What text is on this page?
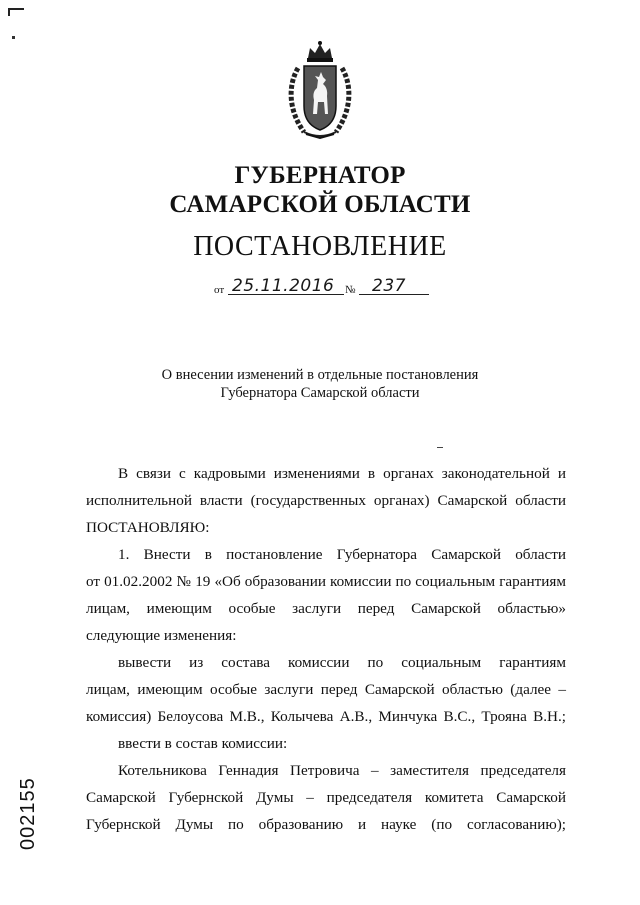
ГУБЕРНАТОР
САМАРСКОЙ ОБЛАСТИ
ПОСТАНОВЛЕНИЕ
от 25.11.2016 № 237
О внесении изменений в отдельные постановления
Губернатора Самарской области
В связи с кадровыми изменениями в органах законодательной и
исполнительной власти (государственных органах) Самарской области
ПОСТАНОВЛЯЮ:
1. Внести в постановление Губернатора Самарской области
от 01.02.2002 № 19 «Об образовании комиссии по социальным гарантиям
лицам, имеющим особые заслуги перед Самарской областью»
следующие изменения:
вывести из состава комиссии по социальным гарантиям
лицам, имеющим особые заслуги перед Самарской областью (далее –
комиссия) Белоусова М.В., Колычева А.В., Минчука В.С., Трояна В.Н.;
ввести в состав комиссии:
Котельникова Геннадия Петровича – заместителя председателя
Самарской Губернской Думы – председателя комитета Самарской
Губернской Думы по образованию и науке (по согласованию);
002155
